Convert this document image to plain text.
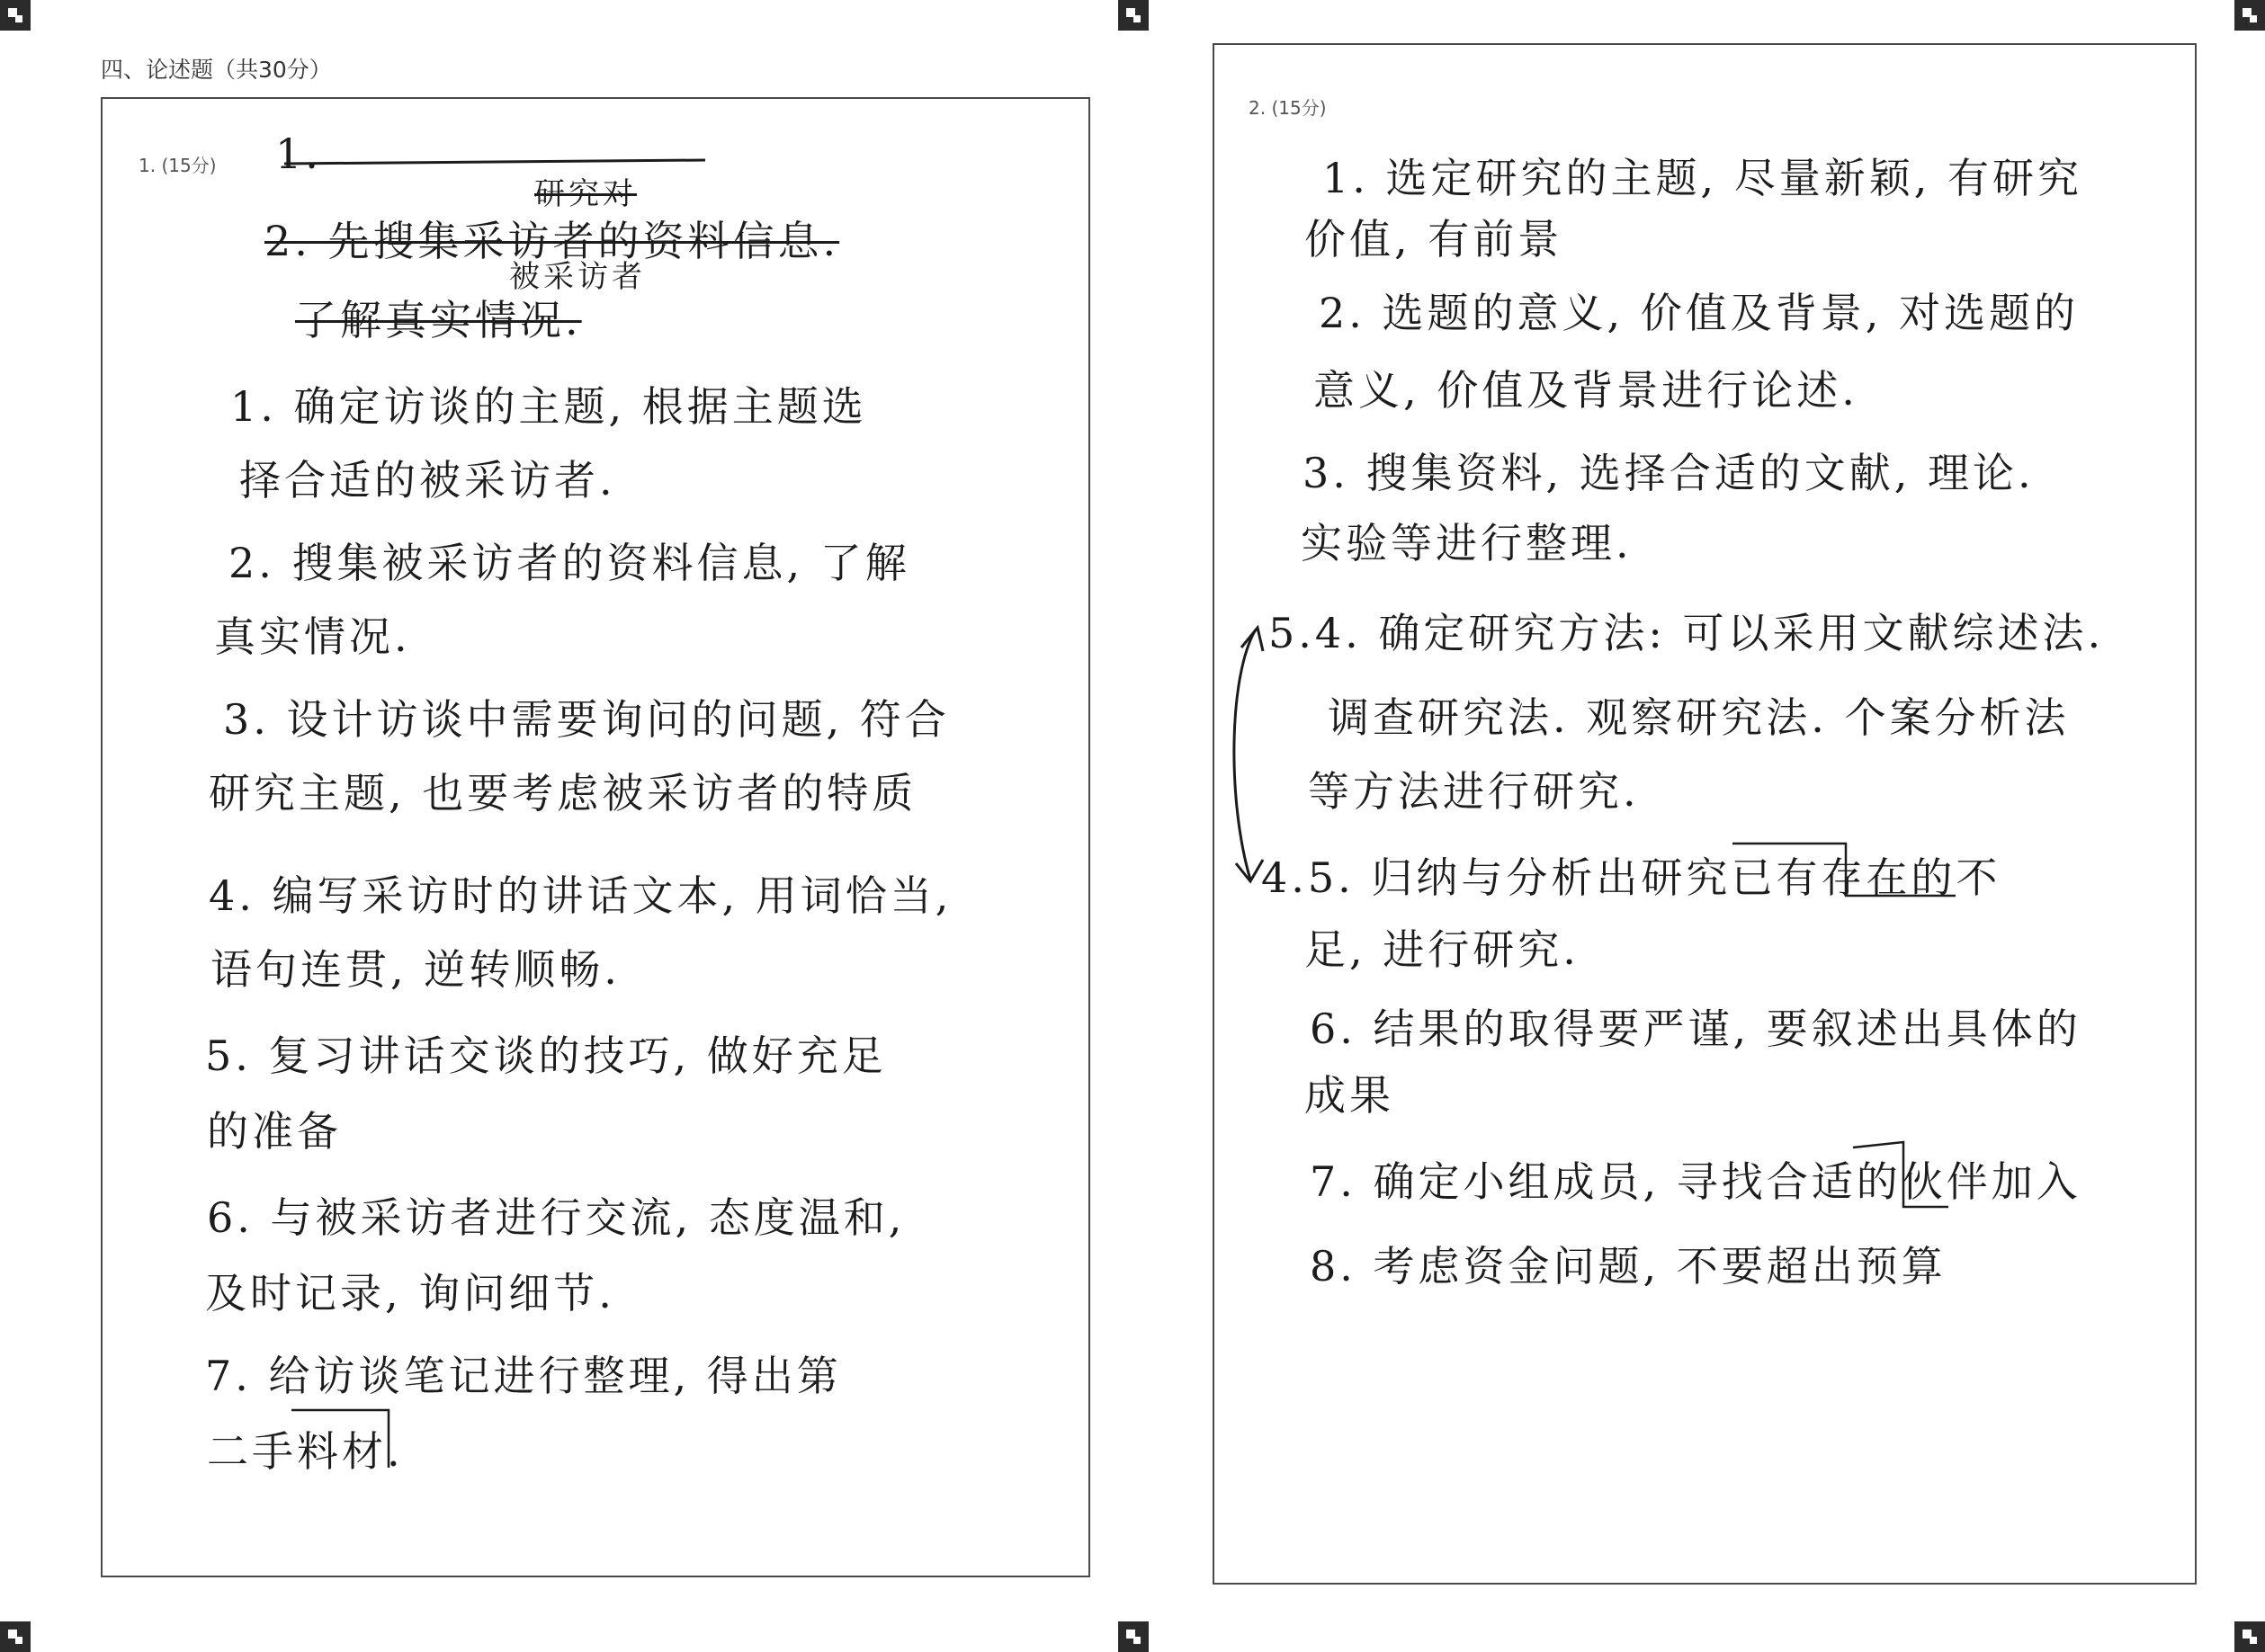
四、论述题（共30分）
1. (15分) 1.
研究对
2. 先搜集采访者的资料信息.
被采访者
了解真实情况.
1. 确定访谈的主题, 根据主题选
择合适的被采访者.
2. 搜集被采访者的资料信息, 了解
真实情况.
3. 设计访谈中需要询问的问题, 符合
研究主题, 也要考虑被采访者的特质
4. 编写采访时的讲话文本, 用词恰当,
语句连贯, 逆转顺畅.
5. 复习讲话交谈的技巧, 做好充足
的准备
6. 与被采访者进行交流, 态度温和,
及时记录, 询问细节.
7. 给访谈笔记进行整理, 得出第
二手料材.
2. (15分)
1. 选定研究的主题, 尽量新颖, 有研究
价值, 有前景
2. 选题的意义, 价值及背景, 对选题的
意义, 价值及背景进行论述.
3. 搜集资料, 选择合适的文献, 理论.
实验等进行整理.
5.4. 确定研究方法: 可以采用文献综述法.
调查研究法. 观察研究法. 个案分析法
等方法进行研究.
4.5. 归纳与分析出研究已有存在的不
足, 进行研究.
6. 结果的取得要严谨, 要叙述出具体的
成果
7. 确定小组成员, 寻找合适的伙伴加入
8. 考虑资金问题, 不要超出预算
